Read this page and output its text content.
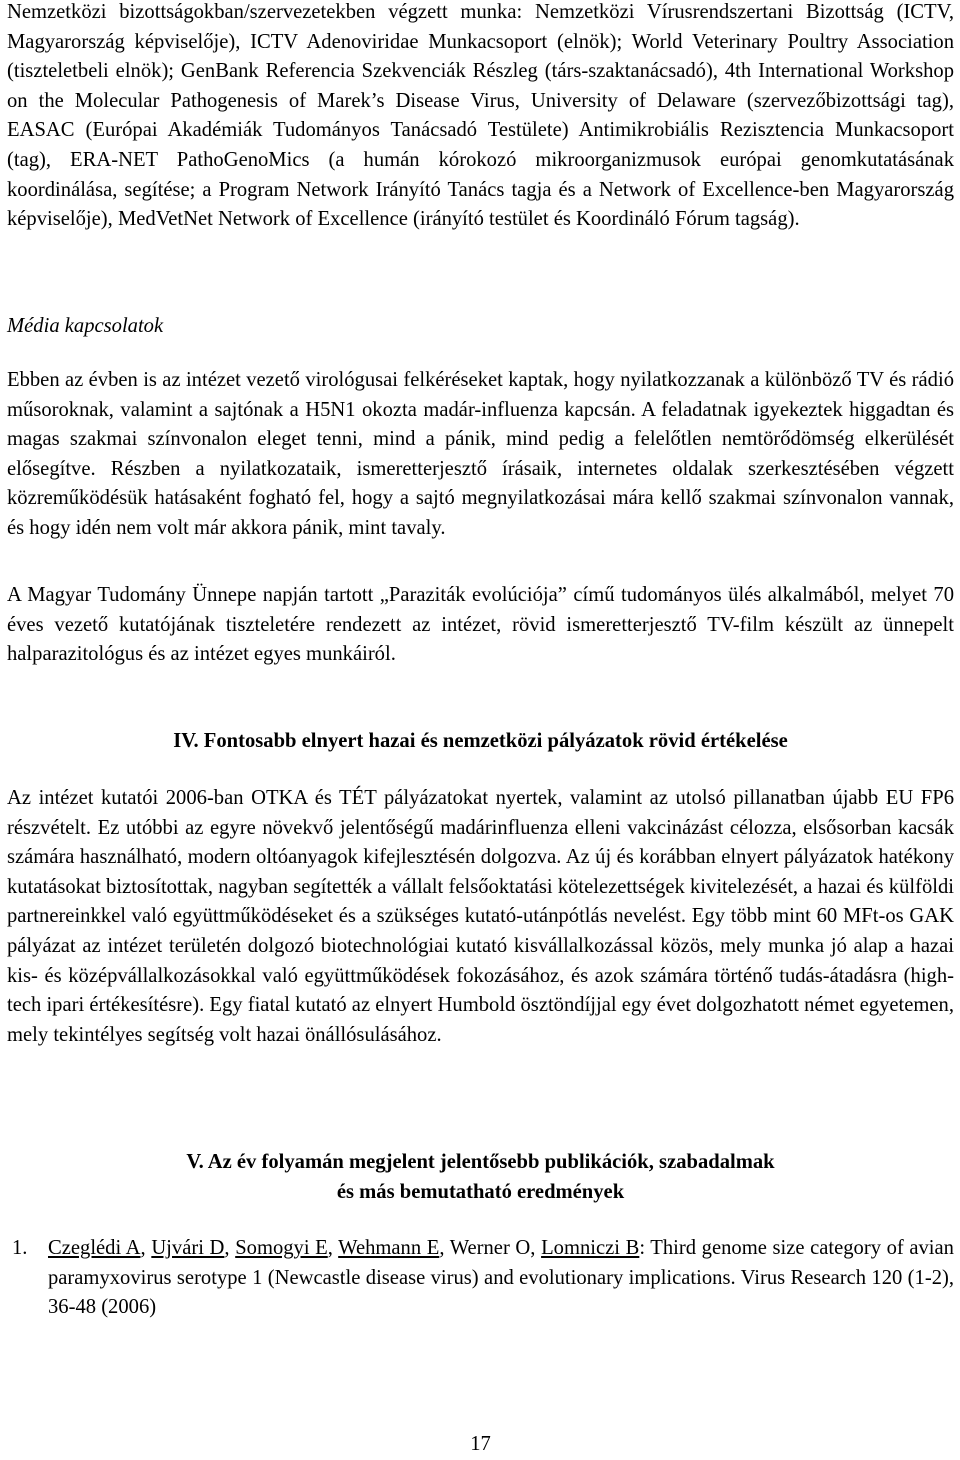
Nemzetközi bizottságokban/szervezetekben végzett munka: Nemzetközi Vírusrendszertani Bizottság (ICTV, Magyarország képviselője), ICTV Adenoviridae Munkacsoport (elnök); World Veterinary Poultry Association (tiszteletbeli elnök); GenBank Referencia Szekvenciák Részleg (társ-szaktanácsadó), 4th International Workshop on the Molecular Pathogenesis of Marek’s Disease Virus, University of Delaware (szervezőbizottsági tag), EASAC (Európai Akadémiák Tudományos Tanácsadó Testülete) Antimikrobiális Rezisztencia Munkacsoport (tag), ERA-NET PathoGenoMics (a humán kórokozó mikroorganizmusok európai genomkutatásának koordinálása, segítése; a Program Network Irányító Tanács tagja és a Network of Excellence-ben Magyarország képviselője), MedVetNet Network of Excellence (irányító testület és Koordináló Fórum tagság).

Média kapcsolatok

Ebben az évben is az intézet vezető virológusai felkéréseket kaptak, hogy nyilatkozzanak a különböző TV és rádió műsoroknak, valamint a sajtónak a H5N1 okozta madár-influenza kapcsán. A feladatnak igyekeztek higgadtan és magas szakmai színvonalon eleget tenni, mind a pánik, mind pedig a felelőtlen nemtörődömség elkerülését elősegítve. Részben a nyilatkozataik, ismeretterjesztő írásaik, internetes oldalak szerkesztésében végzett közreműködésük hatásaként fogható fel, hogy a sajtó megnyilatkozásai mára kellő szakmai színvonalon vannak, és hogy idén nem volt már akkora pánik, mint tavaly.

A Magyar Tudomány Ünnepe napján tartott „Paraziták evolúciója” című tudományos ülés alkalmából, melyet 70 éves vezető kutatójának tiszteletére rendezett az intézet, rövid ismeretterjesztő TV-film készült az ünnepelt halparazitológus és az intézet egyes munkáiról.

IV. Fontosabb elnyert hazai és nemzetközi pályázatok rövid értékelése

Az intézet kutatói 2006-ban OTKA és TÉT pályázatokat nyertek, valamint az utolsó pillanatban újabb EU FP6 részvételt. Ez utóbbi az egyre növekvő jelentőségű madárinfluenza elleni vakcinázást célozza, elsősorban kacsák számára használható, modern oltóanyagok kifejlesztésén dolgozva. Az új és korábban elnyert pályázatok hatékony kutatásokat biztosítottak, nagyban segítették a vállalt felsőoktatási kötelezettségek kivitelezését, a hazai és külföldi partnereinkkel való együttműködéseket és a szükséges kutató-utánpótlás nevelést. Egy több mint 60 MFt-os GAK pályázat az intézet területén dolgozó biotechnológiai kutató kisvállalkozással közös, mely munka jó alap a hazai kis- és középvállalkozásokkal való együttműködések fokozásához, és azok számára történő tudás-átadásra (high-tech ipari értékesítésre). Egy fiatal kutató az elnyert Humbold ösztöndíjjal egy évet dolgozhatott német egyetemen, mely tekintélyes segítség volt hazai önállósulásához.

V. Az év folyamán megjelent jelentősebb publikációk, szabadalmak
és más bemutatható eredmények
1. Czeglédi A, Ujvári D, Somogyi E, Wehmann E, Werner O, Lomniczi B: Third genome size category of avian paramyxovirus serotype 1 (Newcastle disease virus) and evolutionary implications. Virus Research 120 (1-2), 36-48 (2006)
17
